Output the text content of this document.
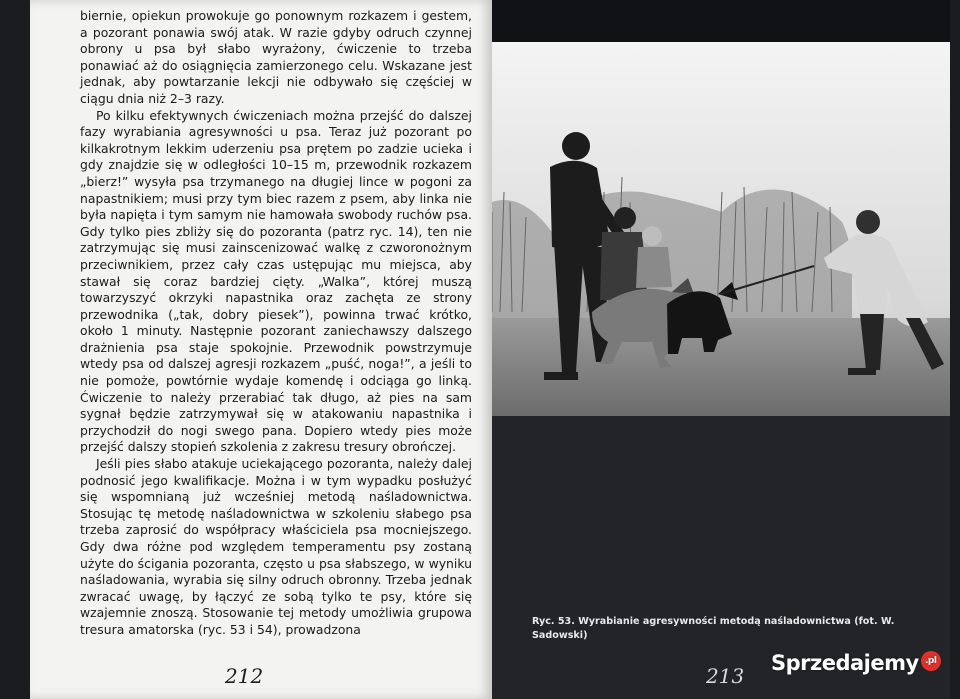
biernie, opiekun prowokuje go ponownym rozkazem i gestem, a pozorant ponawia swój atak. W razie gdyby odruch czynnej obrony u psa był słabo wyrażony, ćwiczenie to trzeba ponawiać aż do osiągnięcia zamierzonego celu. Wskazane jest jednak, aby powtarzanie lekcji nie odbywało się częściej w ciągu dnia niż 2–3 razy.

Po kilku efektywnych ćwiczeniach można przejść do dalszej fazy wyrabiania agresywności u psa. Teraz już pozorant po kilkakrotnym lekkim uderzeniu psa prętem po zadzie ucieka i gdy znajdzie się w odległości 10–15 m, przewodnik rozkazem „bierz!” wysyła psa trzymanego na długiej lince w pogoni za napastnikiem; musi przy tym biec razem z psem, aby linka nie była napięta i tym samym nie hamowała swobody ruchów psa. Gdy tylko pies zbliży się do pozoranta (patrz ryc. 14), ten nie zatrzymując się musi zainscenizować walkę z czworonożnym przeciwnikiem, przez cały czas ustępując mu miejsca, aby stawał się coraz bardziej cięty. „Walka”, której muszą towarzyszyć okrzyki napastnika oraz zachęta ze strony przewodnika („tak, dobry piesek”), powinna trwać krótko, około 1 minuty. Następnie pozorant zaniechawszy dalszego drażnienia psa staje spokojnie. Przewodnik powstrzymuje wtedy psa od dalszej agresji rozkazem „puść, noga!”, a jeśli to nie pomoże, powtórnie wydaje komendę i odciąga go linką. Ćwiczenie to należy przerabiać tak długo, aż pies na sam sygnał będzie zatrzymywał się w atakowaniu napastnika i przychodził do nogi swego pana. Dopiero wtedy pies może przejść dalszy stopień szkolenia z zakresu tresury obrończej.

Jeśli pies słabo atakuje uciekającego pozoranta, należy dalej podnosić jego kwalifikacje. Można i w tym wypadku posłużyć się wspomnianą już wcześniej metodą naśladownictwa. Stosując tę metodę naśladownictwa w szkoleniu słabego psa trzeba zaprosić do współpracy właściciela psa mocniejszego. Gdy dwa różne pod względem temperamentu psy zostaną użyte do ścigania pozoranta, często u psa słabszego, w wyniku naśladowania, wyrabia się silny odruch obronny. Trzeba jednak zwracać uwagę, by łączyć ze sobą tylko te psy, które się wzajemnie znoszą. Stosowanie tej metody umożliwia grupowa tresura amatorska (ryc. 53 i 54), prowadzona

212

Ryc. 53. Wyrabianie agresywności metodą naśladownictwa (fot. W. Sadowski)

213
Sprzedajemy .pl
